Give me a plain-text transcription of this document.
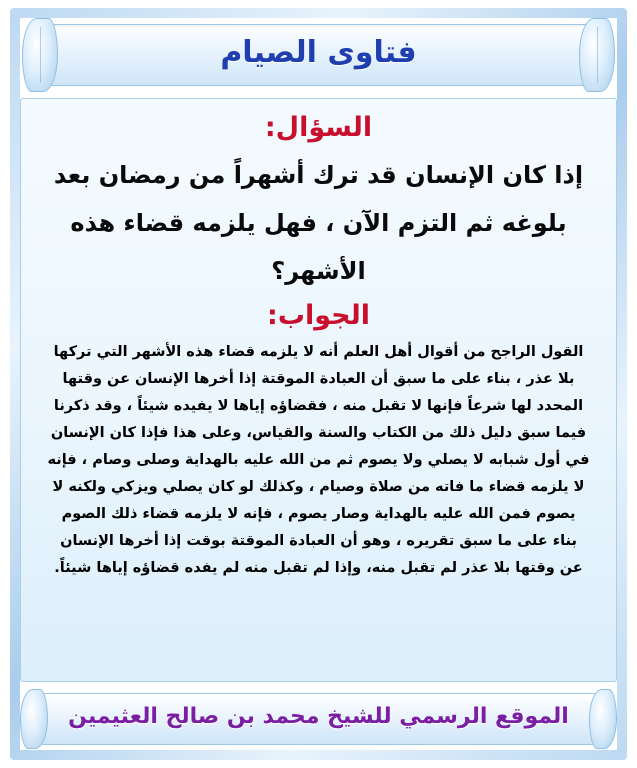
فتاوى الصيام
السؤال:
إذا كان الإنسان قد ترك أشهراً من رمضان بعد بلوغه ثم التزم الآن ، فهل يلزمه قضاء هذه الأشهر؟
الجواب:
القول الراجح من أقوال أهل العلم أنه لا يلزمه قضاء هذه الأشهر التي تركها بلا عذر ، بناء على ما سبق أن العبادة الموقتة إذا أخرها الإنسان عن وقتها المحدد لها شرعاً فإنها لا تقبل منه ، فقضاؤه إياها لا يفيده شيئاً ، وقد ذكرنا فيما سبق دليل ذلك من الكتاب والسنة والقياس، وعلى هذا فإذا كان الإنسان في أول شبابه لا يصلي ولا يصوم ثم من الله عليه بالهداية وصلى وصام ، فإنه لا يلزمه قضاء ما فاته من صلاة وصيام ، وكذلك لو كان يصلي ويزكي ولكنه لا يصوم فمن الله عليه بالهداية وصار يصوم ، فإنه لا يلزمه قضاء ذلك الصوم بناء على ما سبق تقريره ، وهو أن العبادة الموقتة بوقت إذا أخرها الإنسان عن وقتها بلا عذر لم تقبل منه، وإذا لم تقبل منه لم يفده قضاؤه إياها شيئاً.
الموقع الرسمي للشيخ محمد بن صالح العثيمين
